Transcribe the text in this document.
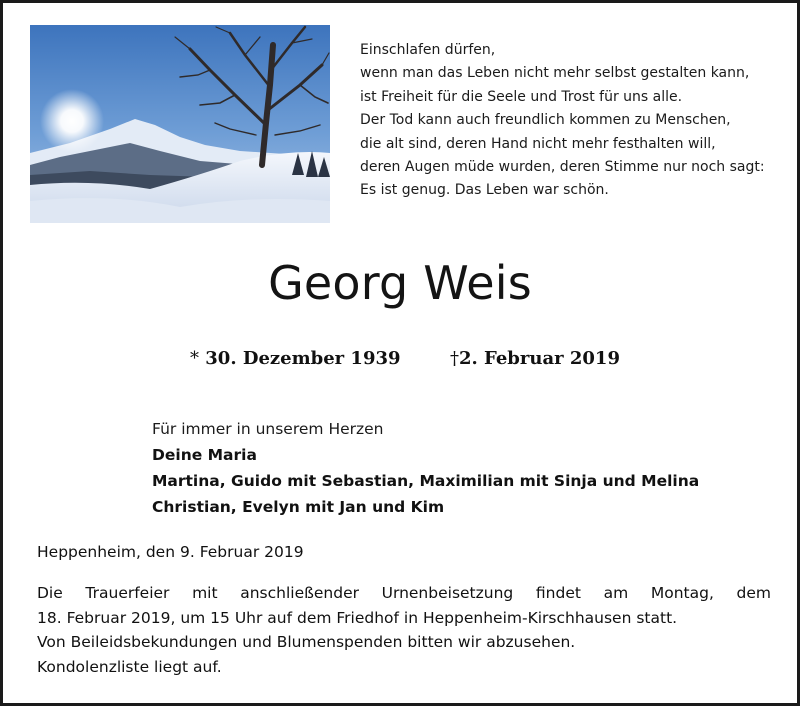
Einschlafen dürfen,
wenn man das Leben nicht mehr selbst gestalten kann,
ist Freiheit für die Seele und Trost für uns alle.
Der Tod kann auch freundlich kommen zu Menschen,
die alt sind, deren Hand nicht mehr festhalten will,
deren Augen müde wurden, deren Stimme nur noch sagt:
Es ist genug. Das Leben war schön.
Georg Weis
* 30. Dezember 1939	†2. Februar 2019
Für immer in unserem Herzen
Deine Maria
Martina, Guido mit Sebastian, Maximilian mit Sinja und Melina
Christian, Evelyn mit Jan und Kim
Heppenheim, den 9. Februar 2019
Die Trauerfeier mit anschließender Urnenbeisetzung findet am Montag, dem
18. Februar 2019, um 15 Uhr auf dem Friedhof in Heppenheim-Kirschhausen statt.
Von Beileidsbekundungen und Blumenspenden bitten wir abzusehen.
Kondolenzliste liegt auf.
